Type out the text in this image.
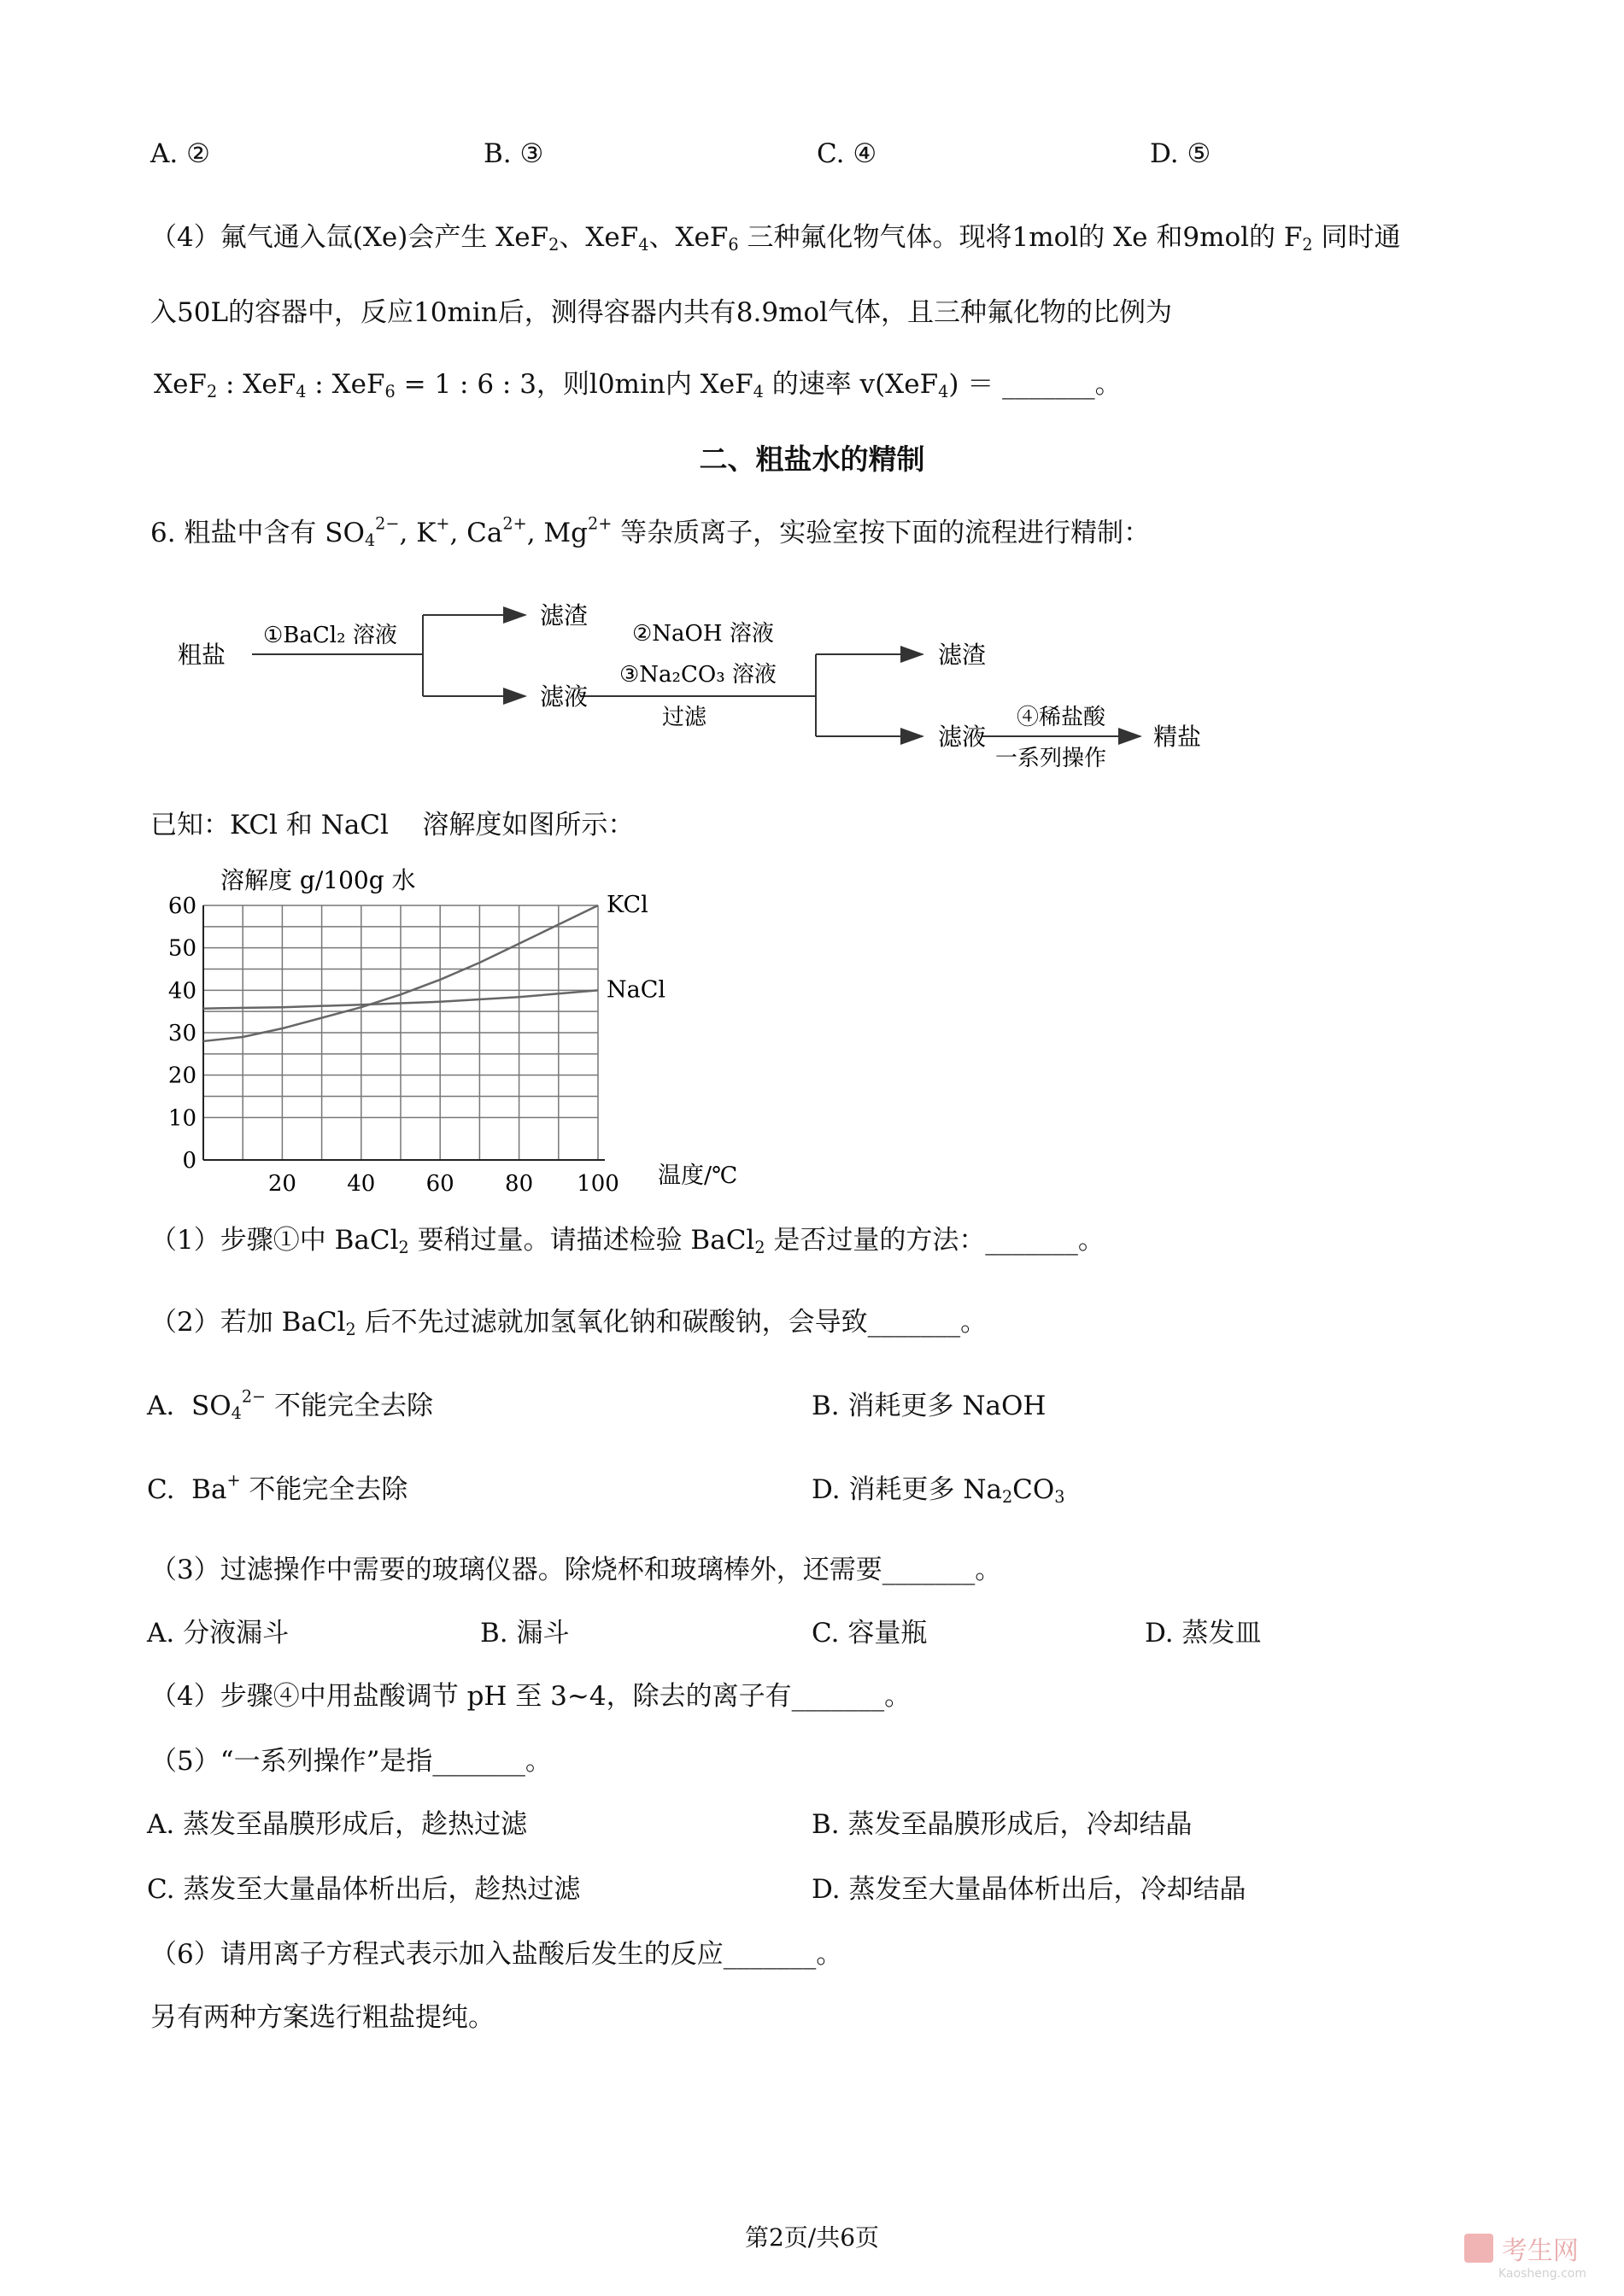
A. ②	B. ③	C. ④	D. ⑤
（4）氟气通入氙(Xe)会产生 XeF$_2$、XeF$_4$、XeF$_6$ 三种氟化物气体。现将1mol的 Xe 和9mol的 $F_2$ 同时通
入50L的容器中，反应10min后，测得容器内共有8.9mol气体，且三种氟化物的比例为
XeF$_2$ : XeF$_4$ : XeF$_6$ = 1 : 6 : 3，则l0min内 XeF$_4$ 的速率 v(XeF$_4$) ＝ _______。
二、粗盐水的精制
6. 粗盐中含有 $SO_4^{2-}$, K+, $Ca^{2+}$, $Mg^{2+}$ 等杂质离子，实验室按下面的流程进行精制：
粗盐
①BaCl₂ 溶液
滤渣
滤液
②NaOH 溶液
③Na₂CO₃ 溶液
过滤
滤渣
滤液
④稀盐酸
一系列操作
精盐
已知：KCl 和 NaCl 溶解度如图所示：
溶解度 g/100g 水
0
10
20
30
40
50
60
20 40 60 80 100
KCl
NaCl
温度/℃
（1）步骤①中 BaCl$_2$ 要稍过量。请描述检验 BaCl$_2$ 是否过量的方法：_______。
（2）若加 BaCl$_2$ 后不先过滤就加氢氧化钠和碳酸钠，会导致_______。
A.  $SO_4^{2-}$ 不能完全去除	B. 消耗更多 NaOH
C.  Ba+ 不能完全去除	D. 消耗更多 $Na_2CO_3$
（3）过滤操作中需要的玻璃仪器。除烧杯和玻璃棒外，还需要_______。
A. 分液漏斗	B. 漏斗	C. 容量瓶	D. 蒸发皿
（4）步骤④中用盐酸调节 pH 至 3~4，除去的离子有_______。
（5）“一系列操作”是指_______。
A. 蒸发至晶膜形成后，趁热过滤	B. 蒸发至晶膜形成后，冷却结晶
C. 蒸发至大量晶体析出后，趁热过滤	D. 蒸发至大量晶体析出后，冷却结晶
（6）请用离子方程式表示加入盐酸后发生的反应_______。
另有两种方案选行粗盐提纯。
第2页/共6页	考生网
Kaosheng.com
